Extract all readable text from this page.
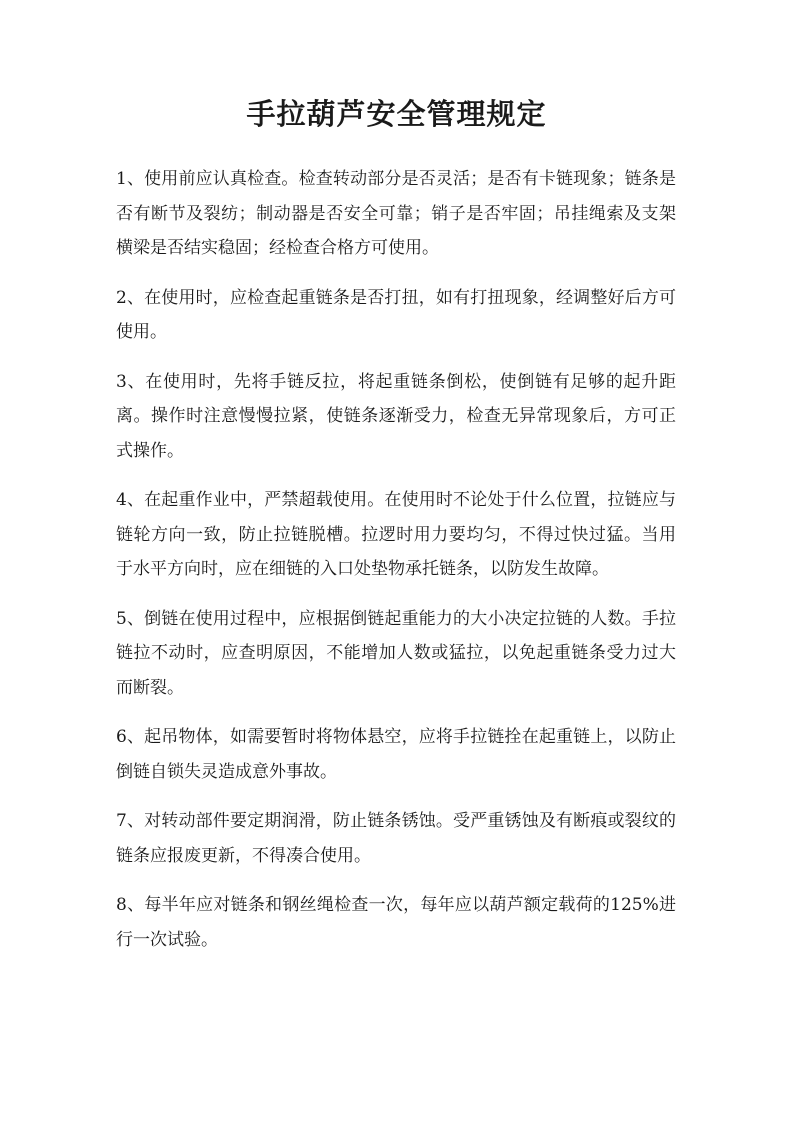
手拉葫芦安全管理规定
1、使用前应认真检查。检查转动部分是否灵活；是否有卡链现象；链条是否有断节及裂纺；制动器是否安全可靠；销子是否牢固；吊挂绳索及支架横梁是否结实稳固；经检查合格方可使用。
2、在使用时，应检查起重链条是否打扭，如有打扭现象，经调整好后方可使用。
3、在使用时，先将手链反拉，将起重链条倒松，使倒链有足够的起升距离。操作时注意慢慢拉紧，使链条逐渐受力，检查无异常现象后，方可正式操作。
4、在起重作业中，严禁超载使用。在使用时不论处于什么位置，拉链应与链轮方向一致，防止拉链脱槽。拉逻时用力要均匀，不得过快过猛。当用于水平方向时，应在细链的入口处垫物承托链条，以防发生故障。
5、倒链在使用过程中，应根据倒链起重能力的大小决定拉链的人数。手拉链拉不动时，应查明原因，不能增加人数或猛拉，以免起重链条受力过大而断裂。
6、起吊物体，如需要暂时将物体悬空，应将手拉链拴在起重链上，以防止倒链自锁失灵造成意外事故。
7、对转动部件要定期润滑，防止链条锈蚀。受严重锈蚀及有断痕或裂纹的链条应报废更新，不得凑合使用。
8、每半年应对链条和钢丝绳检查一次，每年应以葫芦额定载荷的125%进行一次试验。
